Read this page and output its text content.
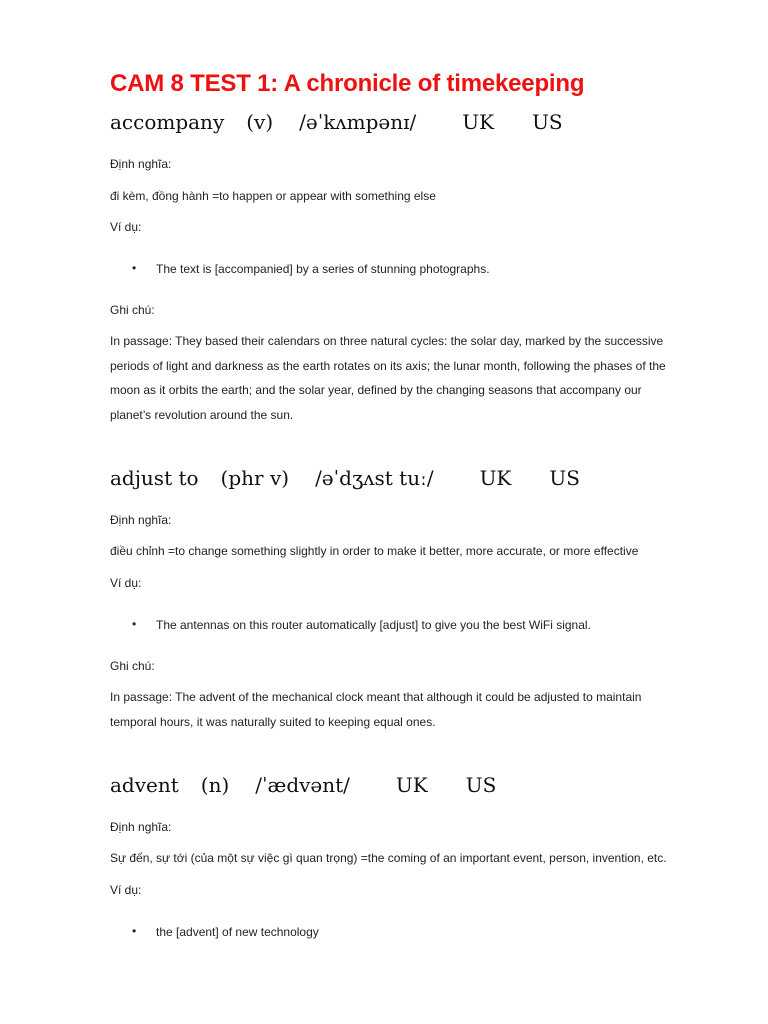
CAM 8 TEST 1: A chronicle of timekeeping
accompany (v) /əˈkʌmpənɪ/ UK US
Định nghĩa:
đi kèm, đồng hành =to happen or appear with something else
Ví dụ:
• The text is [accompanied] by a series of stunning photographs.
Ghi chú:
In passage: They based their calendars on three natural cycles: the solar day, marked by the successive periods of light and darkness as the earth rotates on its axis; the lunar month, following the phases of the moon as it orbits the earth; and the solar year, defined by the changing seasons that accompany our planet’s revolution around the sun.
adjust to (phr v) /əˈdʒʌst tuː/ UK US
Định nghĩa:
điều chỉnh =to change something slightly in order to make it better, more accurate, or more effective
Ví dụ:
• The antennas on this router automatically [adjust] to give you the best WiFi signal.
Ghi chú:
In passage: The advent of the mechanical clock meant that although it could be adjusted to maintain temporal hours, it was naturally suited to keeping equal ones.
advent (n) /ˈædvənt/ UK US
Định nghĩa:
Sự đến, sự tới (của một sự việc gì quan trọng) =the coming of an important event, person, invention, etc.
Ví dụ:
• the [advent] of new technology
